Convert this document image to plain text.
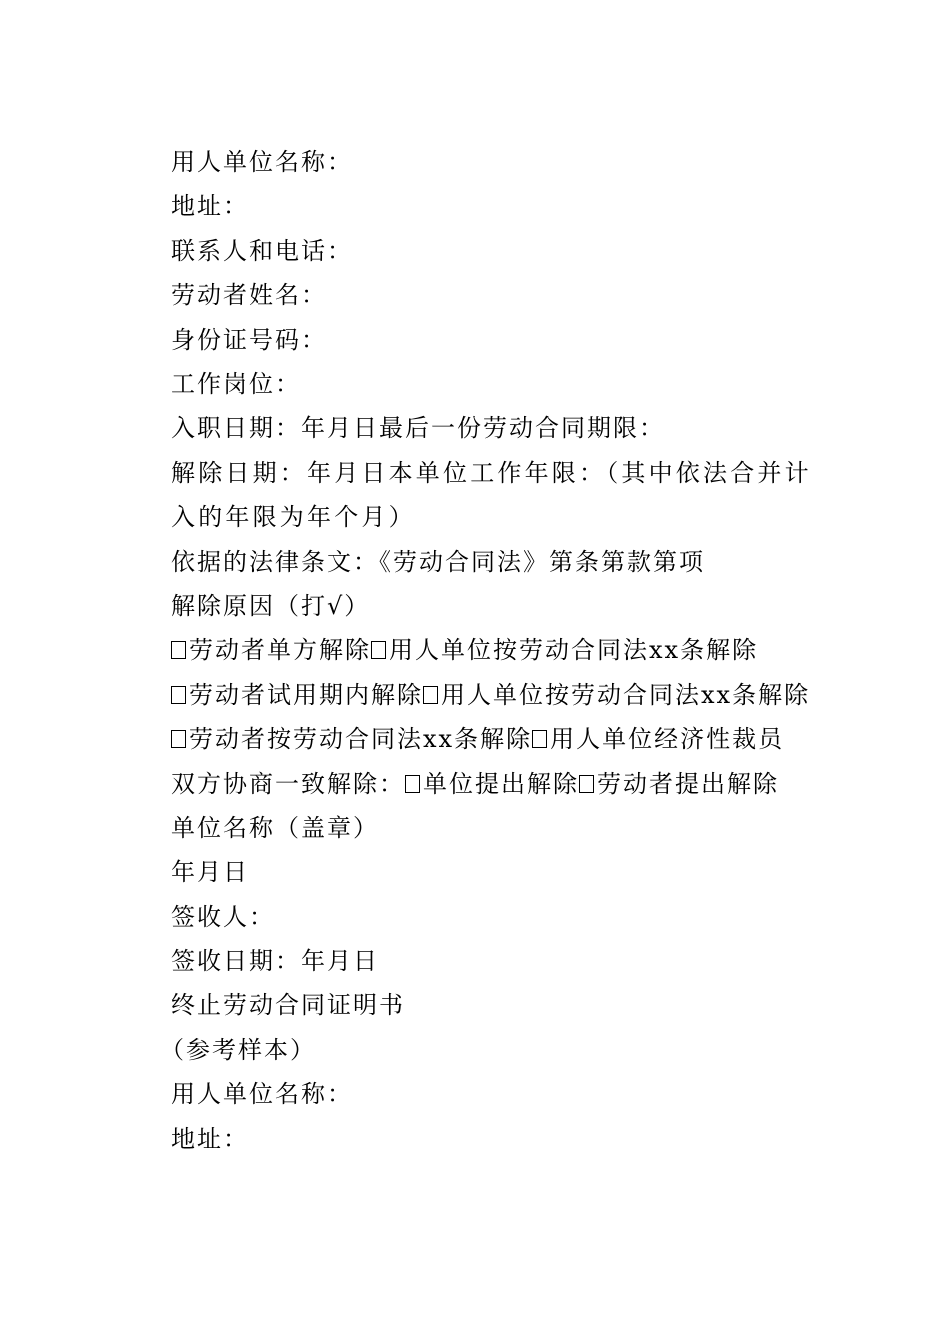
用人单位名称：
地址：
联系人和电话：
劳动者姓名：
身份证号码：
工作岗位：
入职日期：年月日最后一份劳动合同期限：
解除日期：年月日本单位工作年限：（其中依法合并计入的年限为年个月）
依据的法律条文：《劳动合同法》第条第款第项
解除原因（打√）
劳动者单方解除 用人单位按劳动合同法xx条解除
劳动者试用期内解除 用人单位按劳动合同法xx条解除
劳动者按劳动合同法xx条解除 用人单位经济性裁员
双方协商一致解除： 单位提出解除 劳动者提出解除
单位名称（盖章）
年月日
签收人：
签收日期：年月日
终止劳动合同证明书
（参考样本）
用人单位名称：
地址：
